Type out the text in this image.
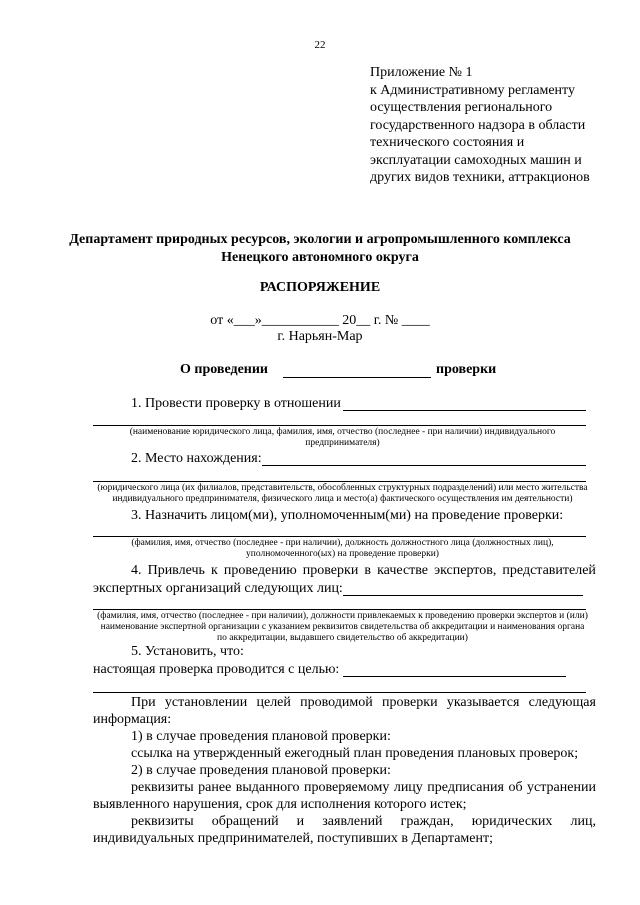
22
Приложение № 1
к Административному регламенту
осуществления регионального
государственного надзора в области
технического состояния и
эксплуатации самоходных машин и
других видов техники, аттракционов
Департамент природных ресурсов, экологии и агропромышленного комплекса
Ненецкого автономного округа
РАСПОРЯЖЕНИЕ
от «___»___________ 20__ г. № ____
г. Нарьян-Мар
О проведении	проверки
1. Провести проверку в отношении
(наименование юридического лица, фамилия, имя, отчество (последнее - при наличии) индивидуального
предпринимателя)
2. Место нахождения:
(юридического лица (их филиалов, представительств, обособленных структурных подразделений) или место жительства
индивидуального предпринимателя, физического лица и место(а) фактического осуществления им деятельности)
3. Назначить лицом(ми), уполномоченным(ми) на проведение проверки:
(фамилия, имя, отчество (последнее - при наличии), должность должностного лица (должностных лиц),
уполномоченного(ых) на проведение проверки)
4. Привлечь к проведению проверки в качестве экспертов, представителей
экспертных организаций следующих лиц:
(фамилия, имя, отчество (последнее - при наличии), должности привлекаемых к проведению проверки экспертов и (или)
наименование экспертной организации с указанием реквизитов свидетельства об аккредитации и наименования органа
по аккредитации, выдавшего свидетельство об аккредитации)
5. Установить, что:
настоящая проверка проводится с целью:
При установлении целей проводимой проверки указывается следующая
информация:
1) в случае проведения плановой проверки:
ссылка на утвержденный ежегодный план проведения плановых проверок;
2) в случае проведения плановой проверки:
реквизиты ранее выданного проверяемому лицу предписания об устранении
выявленного нарушения, срок для исполнения которого истек;
реквизиты обращений и заявлений граждан, юридических лиц,
индивидуальных предпринимателей, поступивших в Департамент;
